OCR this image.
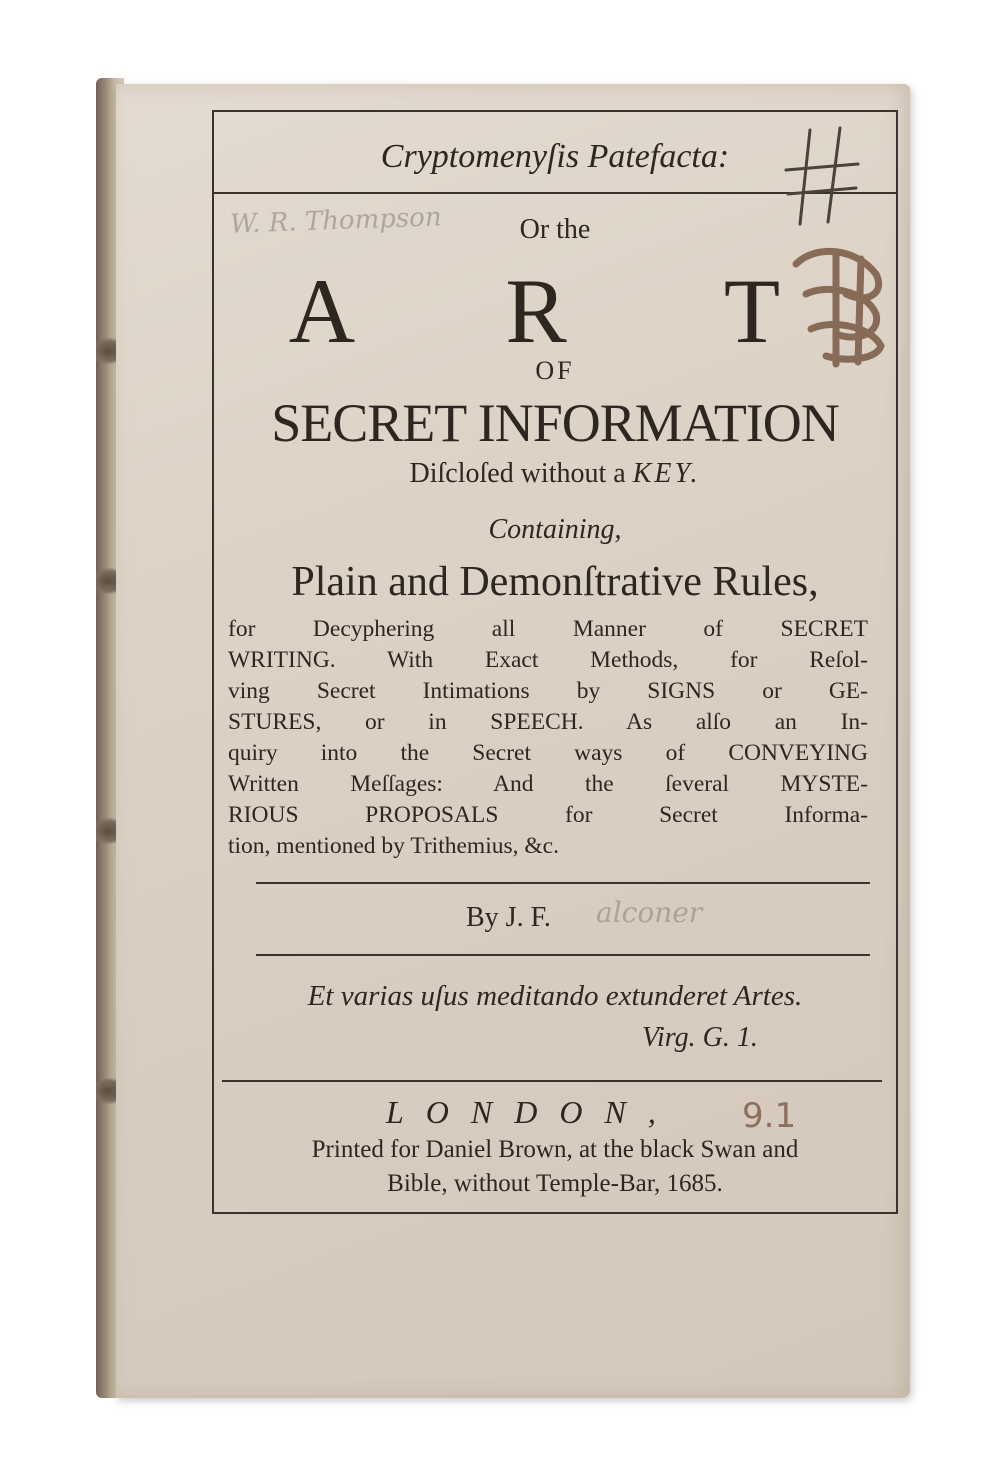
Cryptomenyſis Patefacta:
W. R. Thompson	Or the
A R T
OF
SECRET INFORMATION
Diſcloſed without a KEY.
Containing,
Plain and Demonſtrative Rules,
for Decyphering all Manner of SECRET
WRITING. With Exact Methods, for Reſol-
ving Secret Intimations by SIGNS or GE-
STURES, or in SPEECH. As alſo an In-
quiry into the Secret ways of CONVEYING
Written Meſſages: And the ſeveral MYSTE-
RIOUS PROPOSALS for Secret Informa-
tion, mentioned by Trithemius, &c.
By J. F. alconer
Et varias uſus meditando extunderet Artes.
Virg. G. 1.
LONDON, 9.1
Printed for Daniel Brown, at the black Swan and
Bible, without Temple-Bar, 1685.
